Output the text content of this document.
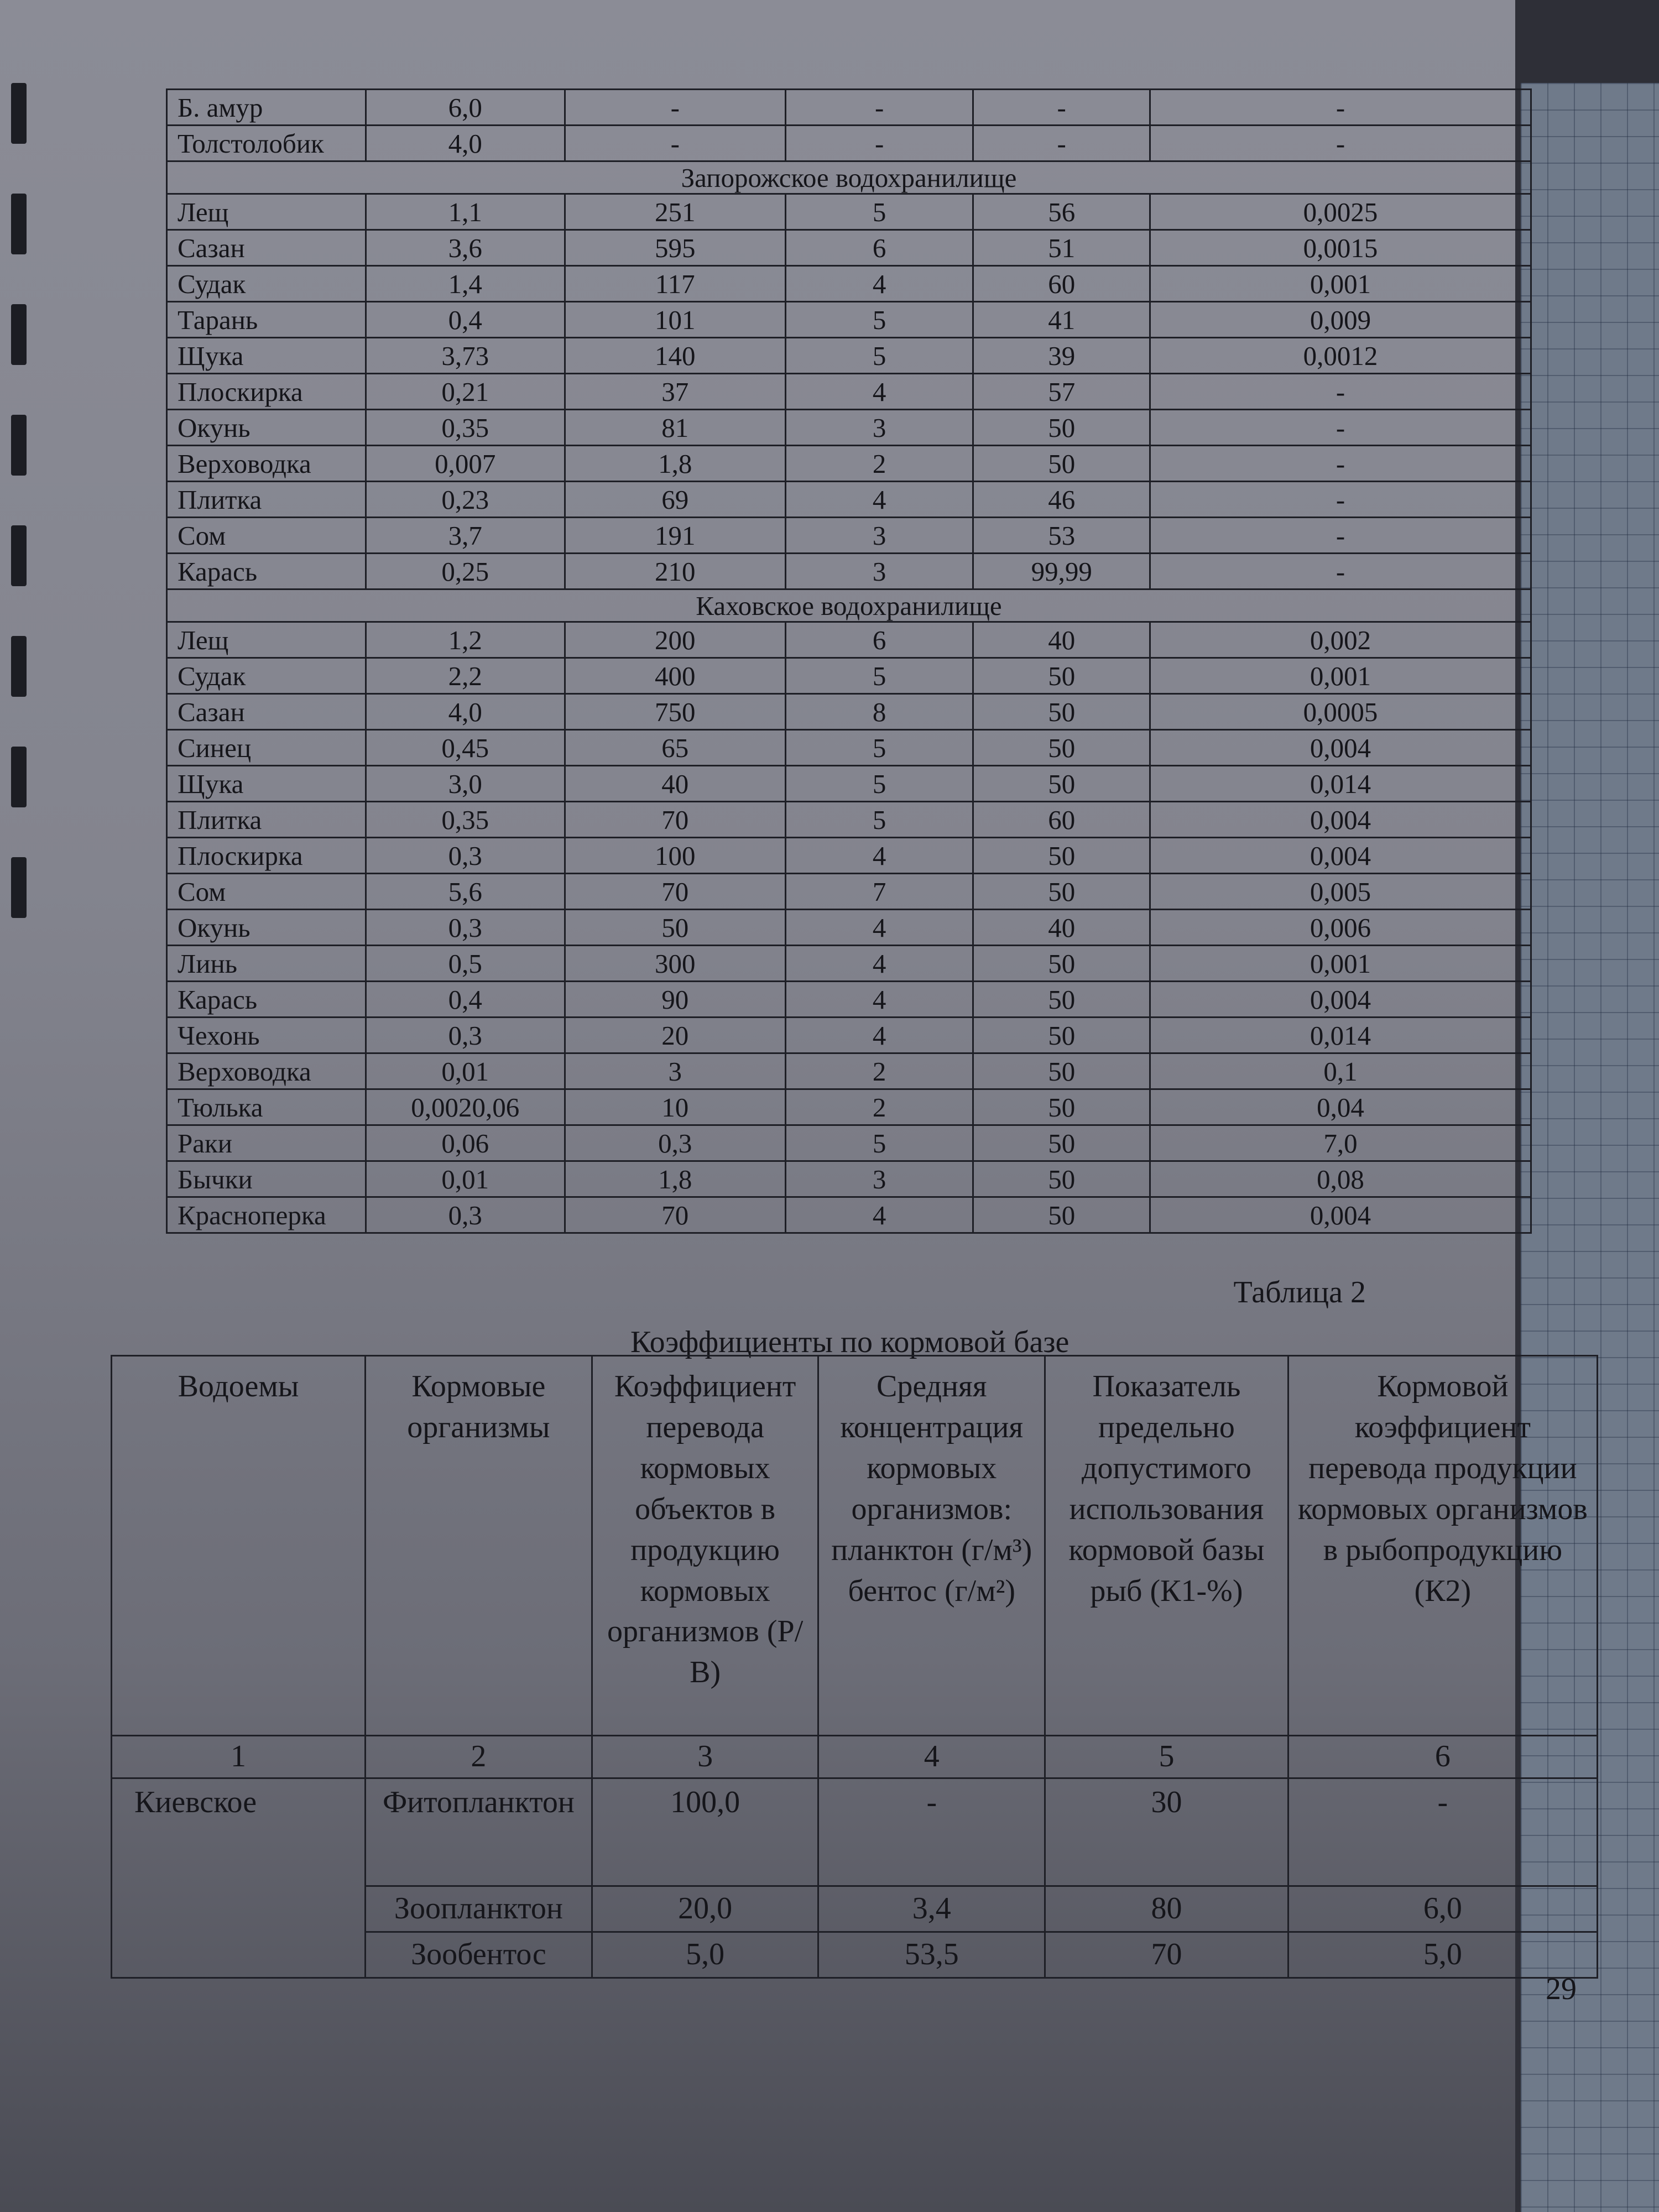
Б. амур	6,0	-	-	-	-
Толстолобик	4,0	-	-	-	-
Запорожское водохранилище					
Лещ	1,1	251	5	56	0,0025
Сазан	3,6	595	6	51	0,0015
Судак	1,4	117	4	60	0,001
Тарань	0,4	101	5	41	0,009
Щука	3,73	140	5	39	0,0012
Плоскирка	0,21	37	4	57	-
Окунь	0,35	81	3	50	-
Верховодка	0,007	1,8	2	50	-
Плитка	0,23	69	4	46	-
Сом	3,7	191	3	53	-
Карась	0,25	210	3	99,99	-
Каховское водохранилище					
Лещ	1,2	200	6	40	0,002
Судак	2,2	400	5	50	0,001
Сазан	4,0	750	8	50	0,0005
Синец	0,45	65	5	50	0,004
Щука	3,0	40	5	50	0,014
Плитка	0,35	70	5	60	0,004
Плоскирка	0,3	100	4	50	0,004
Сом	5,6	70	7	50	0,005
Окунь	0,3	50	4	40	0,006
Линь	0,5	300	4	50	0,001
Карась	0,4	90	4	50	0,004
Чехонь	0,3	20	4	50	0,014
Верховодка	0,01	3	2	50	0,1
Тюлька	0,0020,06	10	2	50	0,04
Раки	0,06	0,3	5	50	7,0
Бычки	0,01	1,8	3	50	0,08
Красноперка	0,3	70	4	50	0,004
Таблица 2
Коэффициенты по кормовой базе
Водоемы	Кормовые организмы	Коэффициент перевода кормовых объектов в продукцию кормовых организмов (Р/В)	Средняя концентрация кормовых организмов: планктон (г/м³) бентос (г/м²)	Показатель предельно допустимого использования кормовой базы рыб (К1-%)	Кормовой коэффициент перевода продукции кормовых организмов в рыбопродукцию (К2)
1	2	3	4	5	6
Киевское	Фитопланктон	100,0	-	30	-
	Зоопланктон	20,0	3,4	80	6,0
	Зообентос	5,0	53,5	70	5,0
29
